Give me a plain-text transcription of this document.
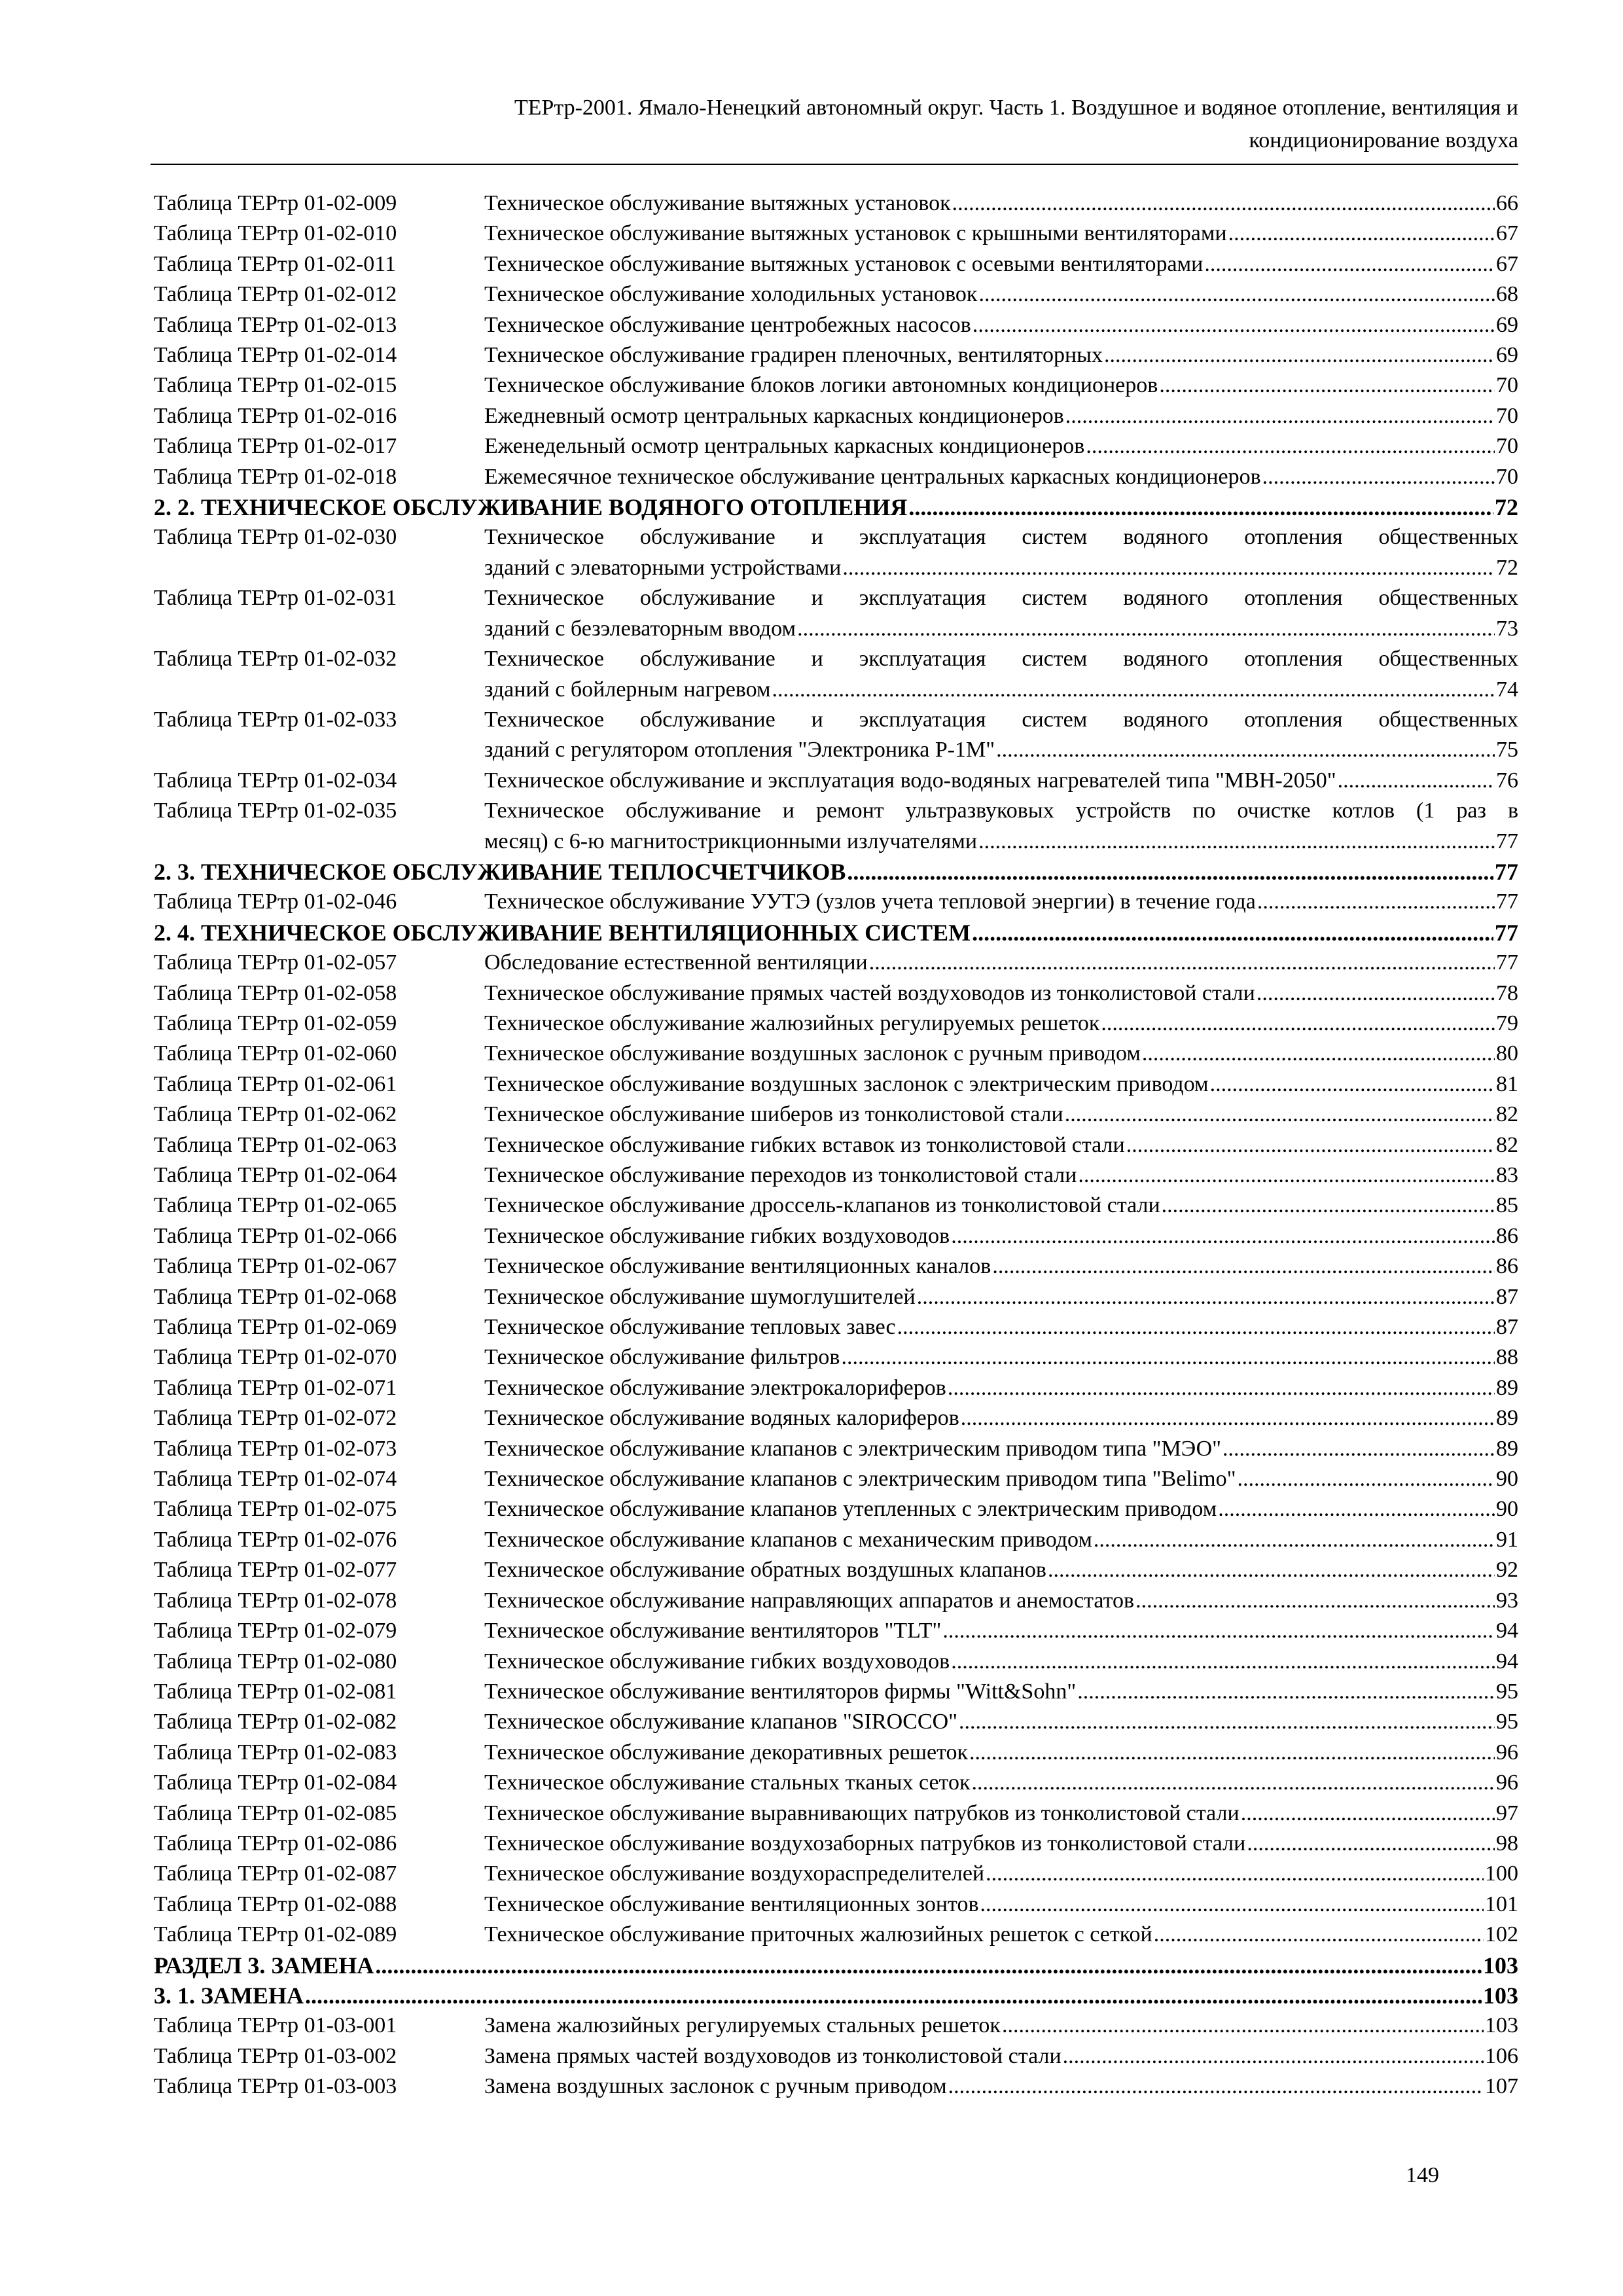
ТЕРтр-2001. Ямало-Ненецкий автономный округ. Часть 1. Воздушное и водяное отопление, вентиляция и
кондиционирование воздуха
Таблица ТЕРтр 01-02-009	Техническое обслуживание вытяжных установок .....	66
Таблица ТЕРтр 01-02-010	Техническое обслуживание вытяжных установок с крышными вентиляторами .....	67
Таблица ТЕРтр 01-02-011	Техническое обслуживание вытяжных установок с осевыми вентиляторами .....	67
Таблица ТЕРтр 01-02-012	Техническое обслуживание холодильных установок .....	68
Таблица ТЕРтр 01-02-013	Техническое обслуживание центробежных насосов .....	69
Таблица ТЕРтр 01-02-014	Техническое обслуживание градирен пленочных, вентиляторных .....	69
Таблица ТЕРтр 01-02-015	Техническое обслуживание блоков логики автономных кондиционеров .....	70
Таблица ТЕРтр 01-02-016	Ежедневный осмотр центральных каркасных кондиционеров .....	70
Таблица ТЕРтр 01-02-017	Еженедельный осмотр центральных каркасных кондиционеров .....	70
Таблица ТЕРтр 01-02-018	Ежемесячное техническое обслуживание центральных каркасных кондиционеров .....	70
2. 2. ТЕХНИЧЕСКОЕ ОБСЛУЖИВАНИЕ ВОДЯНОГО ОТОПЛЕНИЯ .....	72
Таблица ТЕРтр 01-02-030	Техническое обслуживание и эксплуатация систем водяного отопления общественных
зданий с элеваторными устройствами .....	72
Таблица ТЕРтр 01-02-031	Техническое обслуживание и эксплуатация систем водяного отопления общественных
зданий с безэлеваторным вводом .....	73
Таблица ТЕРтр 01-02-032	Техническое обслуживание и эксплуатация систем водяного отопления общественных
зданий с бойлерным нагревом .....	74
Таблица ТЕРтр 01-02-033	Техническое обслуживание и эксплуатация систем водяного отопления общественных
зданий с регулятором отопления "Электроника Р-1М" .....	75
Таблица ТЕРтр 01-02-034	Техническое обслуживание и эксплуатация водо-водяных нагревателей типа "МВН-2050" .....	76
Таблица ТЕРтр 01-02-035	Техническое обслуживание и ремонт ультразвуковых устройств по очистке котлов (1 раз в
месяц) с 6-ю магнитострикционными излучателями .....	77
2. 3. ТЕХНИЧЕСКОЕ ОБСЛУЖИВАНИЕ ТЕПЛОСЧЕТЧИКОВ .....	77
Таблица ТЕРтр 01-02-046	Техническое обслуживание УУТЭ (узлов учета тепловой энергии) в течение года .....	77
2. 4. ТЕХНИЧЕСКОЕ ОБСЛУЖИВАНИЕ ВЕНТИЛЯЦИОННЫХ СИСТЕМ .....	77
Таблица ТЕРтр 01-02-057	Обследование естественной вентиляции .....	77
Таблица ТЕРтр 01-02-058	Техническое обслуживание прямых частей воздуховодов из тонколистовой стали .....	78
Таблица ТЕРтр 01-02-059	Техническое обслуживание жалюзийных регулируемых решеток .....	79
Таблица ТЕРтр 01-02-060	Техническое обслуживание воздушных заслонок с ручным приводом .....	80
Таблица ТЕРтр 01-02-061	Техническое обслуживание воздушных заслонок с электрическим приводом .....	81
Таблица ТЕРтр 01-02-062	Техническое обслуживание шиберов из тонколистовой стали .....	82
Таблица ТЕРтр 01-02-063	Техническое обслуживание гибких вставок из тонколистовой стали .....	82
Таблица ТЕРтр 01-02-064	Техническое обслуживание переходов из тонколистовой стали .....	83
Таблица ТЕРтр 01-02-065	Техническое обслуживание дроссель-клапанов из тонколистовой стали .....	85
Таблица ТЕРтр 01-02-066	Техническое обслуживание гибких воздуховодов .....	86
Таблица ТЕРтр 01-02-067	Техническое обслуживание вентиляционных каналов .....	86
Таблица ТЕРтр 01-02-068	Техническое обслуживание шумоглушителей .....	87
Таблица ТЕРтр 01-02-069	Техническое обслуживание тепловых завес .....	87
Таблица ТЕРтр 01-02-070	Техническое обслуживание фильтров .....	88
Таблица ТЕРтр 01-02-071	Техническое обслуживание электрокалориферов .....	89
Таблица ТЕРтр 01-02-072	Техническое обслуживание водяных калориферов .....	89
Таблица ТЕРтр 01-02-073	Техническое обслуживание клапанов с электрическим приводом типа "МЭО" .....	89
Таблица ТЕРтр 01-02-074	Техническое обслуживание клапанов с электрическим приводом типа "Belimo" .....	90
Таблица ТЕРтр 01-02-075	Техническое обслуживание клапанов утепленных с электрическим приводом .....	90
Таблица ТЕРтр 01-02-076	Техническое обслуживание клапанов с механическим приводом .....	91
Таблица ТЕРтр 01-02-077	Техническое обслуживание обратных воздушных клапанов .....	92
Таблица ТЕРтр 01-02-078	Техническое обслуживание направляющих аппаратов и анемостатов .....	93
Таблица ТЕРтр 01-02-079	Техническое обслуживание вентиляторов "TLT" .....	94
Таблица ТЕРтр 01-02-080	Техническое обслуживание гибких воздуховодов .....	94
Таблица ТЕРтр 01-02-081	Техническое обслуживание вентиляторов фирмы "Witt&Sohn" .....	95
Таблица ТЕРтр 01-02-082	Техническое обслуживание клапанов "SIROCCO" .....	95
Таблица ТЕРтр 01-02-083	Техническое обслуживание декоративных решеток .....	96
Таблица ТЕРтр 01-02-084	Техническое обслуживание стальных тканых сеток .....	96
Таблица ТЕРтр 01-02-085	Техническое обслуживание выравнивающих патрубков из тонколистовой стали .....	97
Таблица ТЕРтр 01-02-086	Техническое обслуживание воздухозаборных патрубков из тонколистовой стали .....	98
Таблица ТЕРтр 01-02-087	Техническое обслуживание воздухораспределителей .....	100
Таблица ТЕРтр 01-02-088	Техническое обслуживание вентиляционных зонтов .....	101
Таблица ТЕРтр 01-02-089	Техническое обслуживание приточных жалюзийных решеток с сеткой .....	102
РАЗДЕЛ 3. ЗАМЕНА .....	103
3. 1. ЗАМЕНА .....	103
Таблица ТЕРтр 01-03-001	Замена жалюзийных регулируемых стальных решеток .....	103
Таблица ТЕРтр 01-03-002	Замена прямых частей воздуховодов из тонколистовой стали .....	106
Таблица ТЕРтр 01-03-003	Замена воздушных заслонок с ручным приводом .....	107
149
